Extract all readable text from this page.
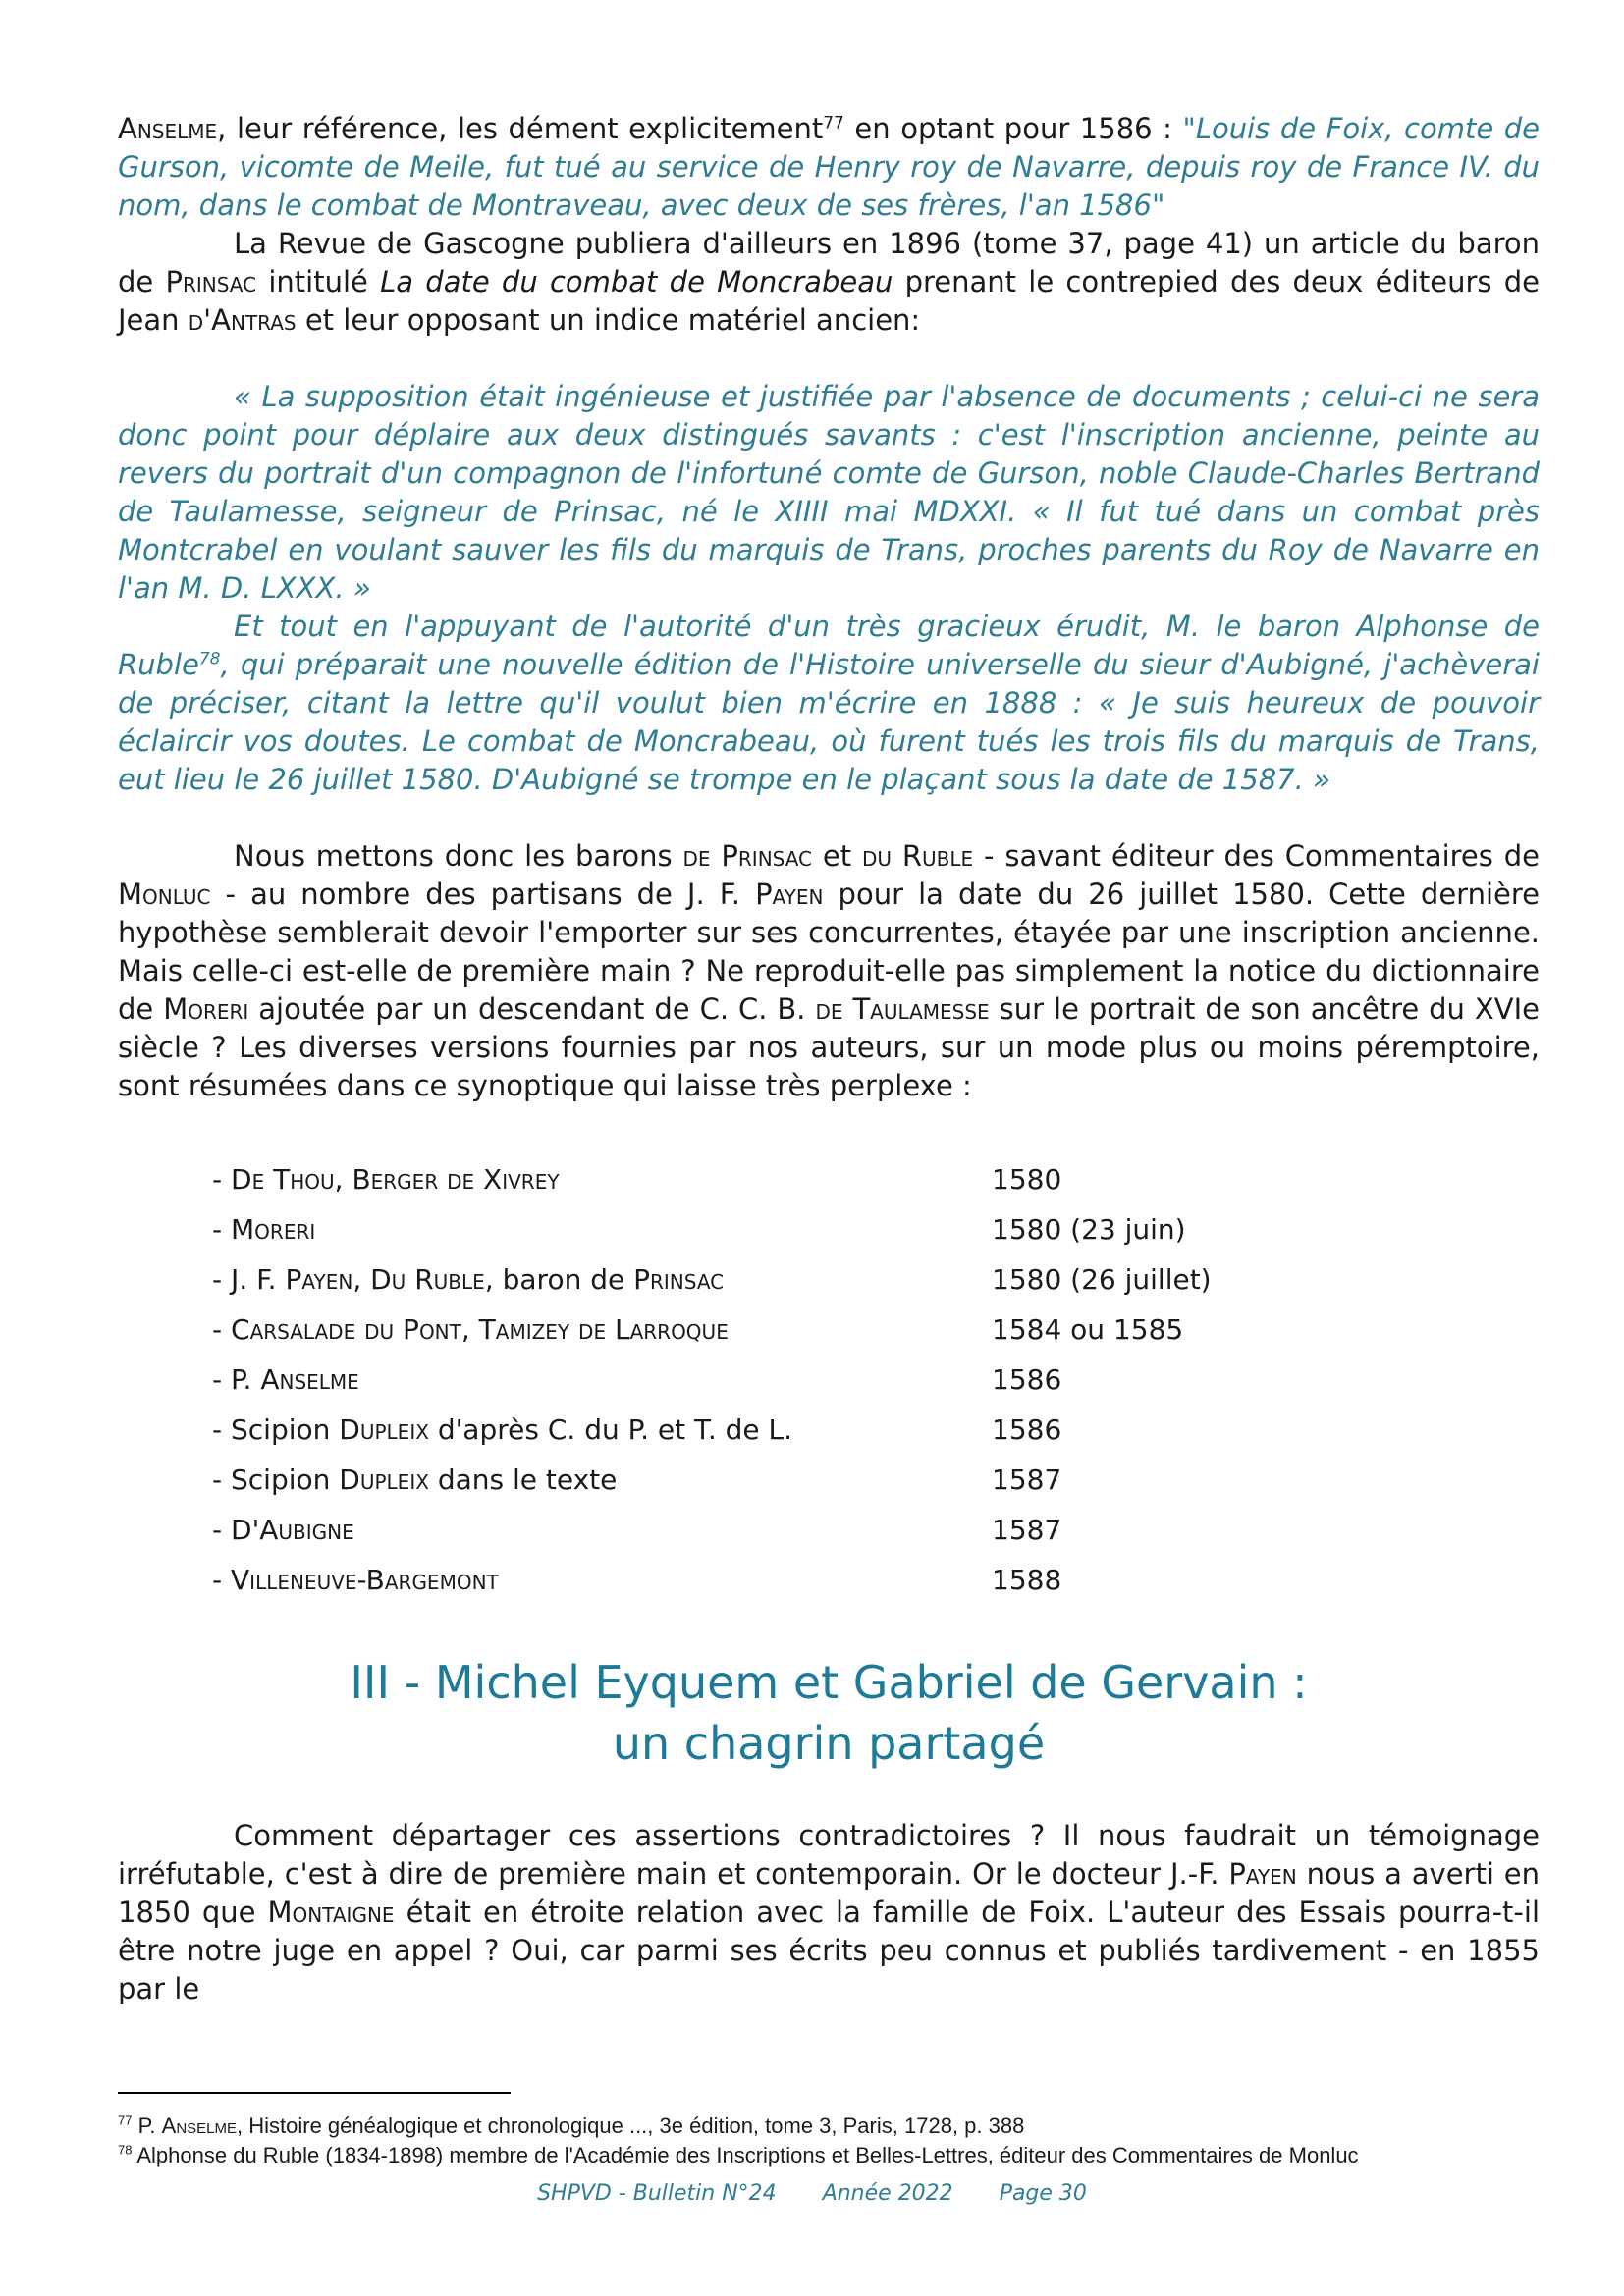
Anselme, leur référence, les dément explicitement$^{77}$ en optant pour 1586 : "Louis de Foix, comte de Gurson, vicomte de Meile, fut tué au service de Henry roy de Navarre, depuis roy de France IV. du nom, dans le combat de Montraveau, avec deux de ses frères, l'an 1586"

La Revue de Gascogne publiera d'ailleurs en 1896 (tome 37, page 41) un article du baron de Prinsac intitulé La date du combat de Moncrabeau prenant le contrepied des deux éditeurs de Jean d'Antras et leur opposant un indice matériel ancien:

« La supposition était ingénieuse et justifiée par l'absence de documents ; celui-ci ne sera donc point pour déplaire aux deux distingués savants : c'est l'inscription ancienne, peinte au revers du portrait d'un compagnon de l'infortuné comte de Gurson, noble Claude-Charles Bertrand de Taulamesse, seigneur de Prinsac, né le XIIII mai MDXXI. « Il fut tué dans un combat près Montcrabel en voulant sauver les fils du marquis de Trans, proches parents du Roy de Navarre en l'an M. D. LXXX. »

Et tout en l'appuyant de l'autorité d'un très gracieux érudit, M. le baron Alphonse de Ruble$^{78}$, qui préparait une nouvelle édition de l'Histoire universelle du sieur d'Aubigné, j'achèverai de préciser, citant la lettre qu'il voulut bien m'écrire en 1888 : « Je suis heureux de pouvoir éclaircir vos doutes. Le combat de Moncrabeau, où furent tués les trois fils du marquis de Trans, eut lieu le 26 juillet 1580. D'Aubigné se trompe en le plaçant sous la date de 1587. »

Nous mettons donc les barons de Prinsac et du Ruble - savant éditeur des Commentaires de Monluc - au nombre des partisans de J. F. Payen pour la date du 26 juillet 1580. Cette dernière hypothèse semblerait devoir l'emporter sur ses concurrentes, étayée par une inscription ancienne. Mais celle-ci est-elle de première main ? Ne reproduit-elle pas simplement la notice du dictionnaire de Moreri ajoutée par un descendant de C. C. B. de Taulamesse sur le portrait de son ancêtre du XVIe siècle ? Les diverses versions fournies par nos auteurs, sur un mode plus ou moins péremptoire, sont résumées dans ce synoptique qui laisse très perplexe :

- De Thou, Berger de Xivrey	1580
- Moreri	1580 (23 juin)
- J. F. Payen, Du Ruble, baron de Prinsac	1580 (26 juillet)
- Carsalade du Pont, Tamizey de Larroque	1584 ou 1585
- P. Anselme	1586
- Scipion Dupleix d'après C. du P. et T. de L.	1586
- Scipion Dupleix dans le texte	1587
- D'Aubigne	1587
- Villeneuve-Bargemont	1588
III - Michel Eyquem et Gabriel de Gervain :
un chagrin partagé

Comment départager ces assertions contradictoires ? Il nous faudrait un témoignage irréfutable, c'est à dire de première main et contemporain. Or le docteur J.-F. Payen nous a averti en 1850 que Montaigne était en étroite relation avec la famille de Foix. L'auteur des Essais pourra-t-il être notre juge en appel ? Oui, car parmi ses écrits peu connus et publiés tardivement - en 1855 par le

$^{77}$ P. Anselme, Histoire généalogique et chronologique ..., 3e édition, tome 3, Paris, 1728, p. 388

$^{78}$ Alphonse du Ruble (1834-1898) membre de l'Académie des Inscriptions et Belles-Lettres, éditeur des Commentaires de Monluc

SHPVD - Bulletin N°24 Année 2022 Page 30
